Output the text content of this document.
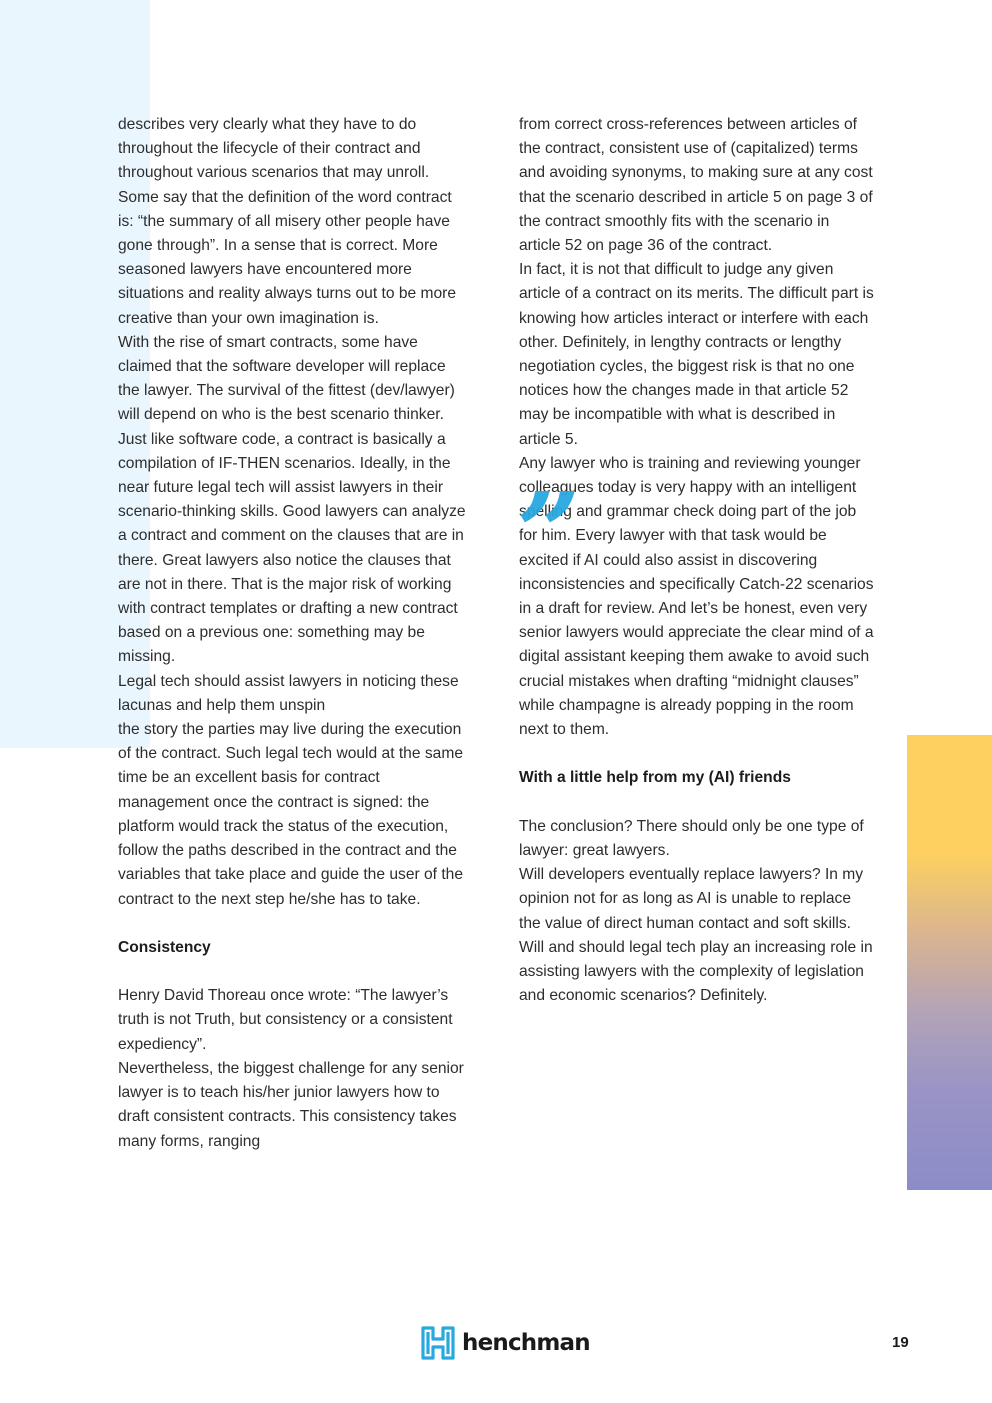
describes very clearly what they have to do throughout the lifecycle of their contract and throughout various scenarios that may unroll.

Some say that the definition of the word contract is: “the summary of all misery other people have gone through”. In a sense that is correct. More seasoned lawyers have encountered more situations and reality always turns out to be more creative than your own imagination is.

With the rise of smart contracts, some have claimed that the software developer will replace the lawyer. The survival of the fittest (dev/lawyer) will depend on who is the best scenario thinker. Just like software code, a contract is basically a compilation of IF-THEN scenarios. Ideally, in the near future legal tech will assist lawyers in their scenario-thinking skills. Good lawyers can analyze a contract and comment on the clauses that are in there. Great lawyers also notice the clauses that are not in there. That is the major risk of working with contract templates or drafting a new contract based on a previous one: something may be missing.

Legal tech should assist lawyers in noticing these lacunas and help them unspin

the story the parties may live during the execution of the contract. Such legal tech would at the same time be an excellent basis for contract management once the contract is signed: the platform would track the status of the execution, follow the paths described in the contract and the variables that take place and guide the user of the contract to the next step he/she has to take.

Consistency

Henry David Thoreau once wrote: “The lawyer’s truth is not Truth, but consistency or a consistent expediency”.

Nevertheless, the biggest challenge for any senior lawyer is to teach his/her junior lawyers how to draft consistent contracts. This consistency takes many forms, ranging

from correct cross-references between articles of the contract, consistent use of (capitalized) terms and avoiding synonyms, to making sure at any cost that the scenario described in article 5 on page 3 of the contract smoothly fits with the scenario in article 52 on page 36 of the contract.

In fact, it is not that difficult to judge any given article of a contract on its merits. The difficult part is knowing how articles interact or interfere with each other. Definitely, in lengthy contracts or lengthy negotiation cycles, the biggest risk is that no one notices how the changes made in that article 52 may be incompatible with what is described in article 5.

Any lawyer who is training and reviewing younger colleagues today is very happy with an intelligent spelling and grammar check doing part of the job for him. Every lawyer with that task would be excited if AI could also assist in discovering inconsistencies and specifically Catch-22 scenarios in a draft for review. And let’s be honest, even very senior lawyers would appreciate the clear mind of a digital assistant keeping them awake to avoid such crucial mistakes when drafting “midnight clauses” while champagne is already popping in the room next to them.

With a little help from my (AI) friends

The conclusion? There should only be one type of lawyer: great lawyers.

Will developers eventually replace lawyers? In my opinion not for as long as AI is unable to replace the value of direct human contact and soft skills.

Will and should legal tech play an increasing role in assisting lawyers with the complexity of legislation and economic scenarios? Definitely.

”
henchman	19
